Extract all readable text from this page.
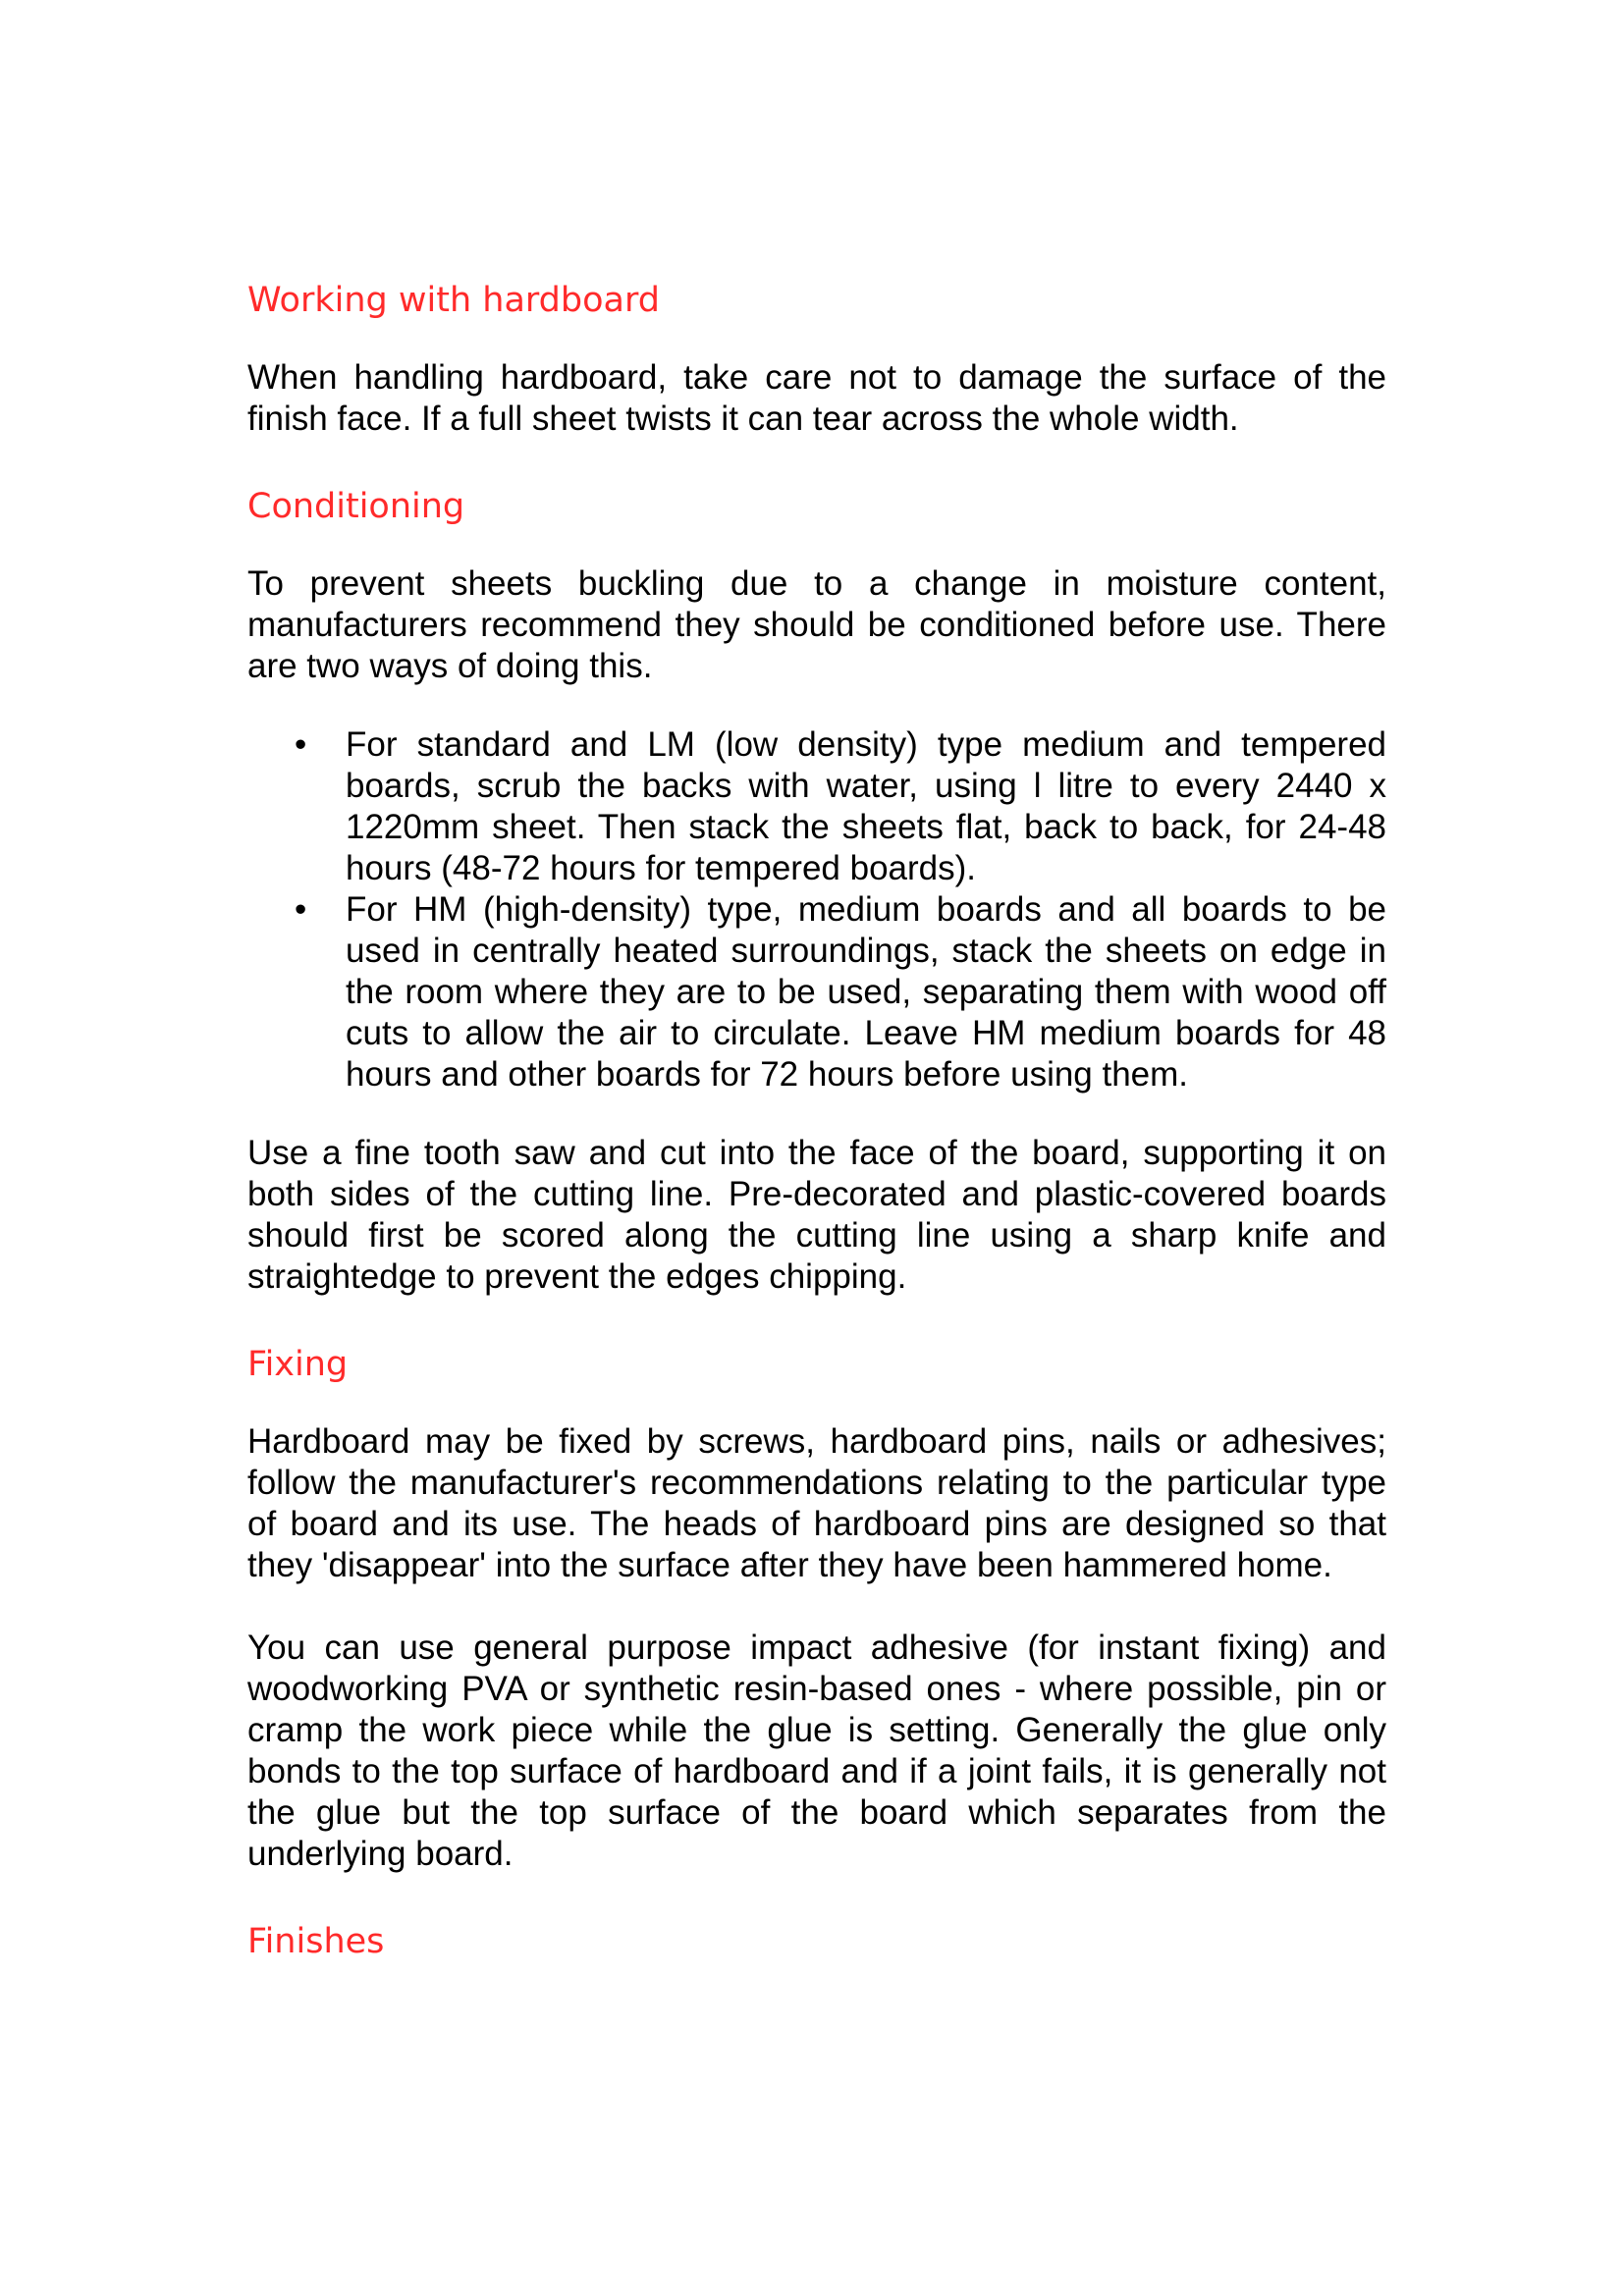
Working with hardboard

When handling hardboard, take care not to damage the surface of the finish face. If a full sheet twists it can tear across the whole width.

Conditioning

To prevent sheets buckling due to a change in moisture content, manufacturers recommend they should be conditioned before use. There are two ways of doing this.

• For standard and LM (low density) type medium and tempered boards, scrub the backs with water, using l litre to every 2440 x 1220mm sheet. Then stack the sheets flat, back to back, for 24-48 hours (48-72 hours for tempered boards).
• For HM (high-density) type, medium boards and all boards to be used in centrally heated surroundings, stack the sheets on edge in the room where they are to be used, separating them with wood off cuts to allow the air to circulate. Leave HM medium boards for 48 hours and other boards for 72 hours before using them.

Use a fine tooth saw and cut into the face of the board, supporting it on both sides of the cutting line. Pre-decorated and plastic-covered boards should first be scored along the cutting line using a sharp knife and straightedge to prevent the edges chipping.

Fixing

Hardboard may be fixed by screws, hardboard pins, nails or adhesives; follow the manufacturer's recommendations relating to the particular type of board and its use. The heads of hardboard pins are designed so that they 'disappear' into the surface after they have been hammered home.

You can use general purpose impact adhesive (for instant fixing) and woodworking PVA or synthetic resin-based ones - where possible, pin or cramp the work piece while the glue is setting. Generally the glue only bonds to the top surface of hardboard and if a joint fails, it is generally not the glue but the top surface of the board which separates from the underlying board.

Finishes
